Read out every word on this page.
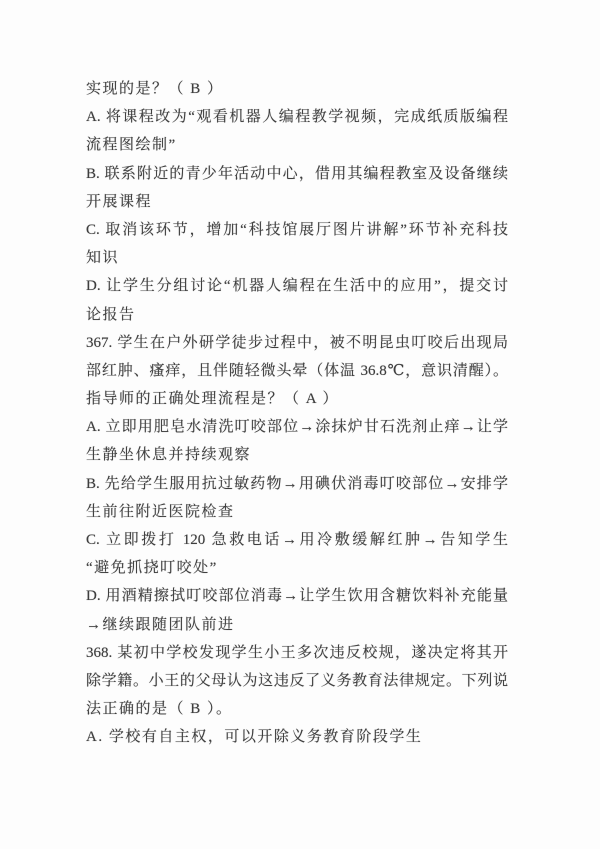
实现的是？（ B ）
A. 将课程改为“观看机器人编程教学视频，完成纸质版编程
流程图绘制”
B. 联系附近的青少年活动中心，借用其编程教室及设备继续
开展课程
C. 取消该环节，增加“科技馆展厅图片讲解”环节补充科技
知识
D. 让学生分组讨论“机器人编程在生活中的应用”，提交讨
论报告
367. 学生在户外研学徒步过程中，被不明昆虫叮咬后出现局
部红肿、瘙痒，且伴随轻微头晕（体温 36.8℃，意识清醒）。
指导师的正确处理流程是？（ A ）
A. 立即用肥皂水清洗叮咬部位→涂抹炉甘石洗剂止痒→让学
生静坐休息并持续观察
B. 先给学生服用抗过敏药物→用碘伏消毒叮咬部位→安排学
生前往附近医院检查
C. 立即拨打 120 急救电话→用冷敷缓解红肿→告知学生
“避免抓挠叮咬处”
D. 用酒精擦拭叮咬部位消毒→让学生饮用含糖饮料补充能量
→继续跟随团队前进
368. 某初中学校发现学生小王多次违反校规，遂决定将其开
除学籍。小王的父母认为这违反了义务教育法律规定。下列说
法正确的是（ B ）。
A. 学校有自主权，可以开除义务教育阶段学生
